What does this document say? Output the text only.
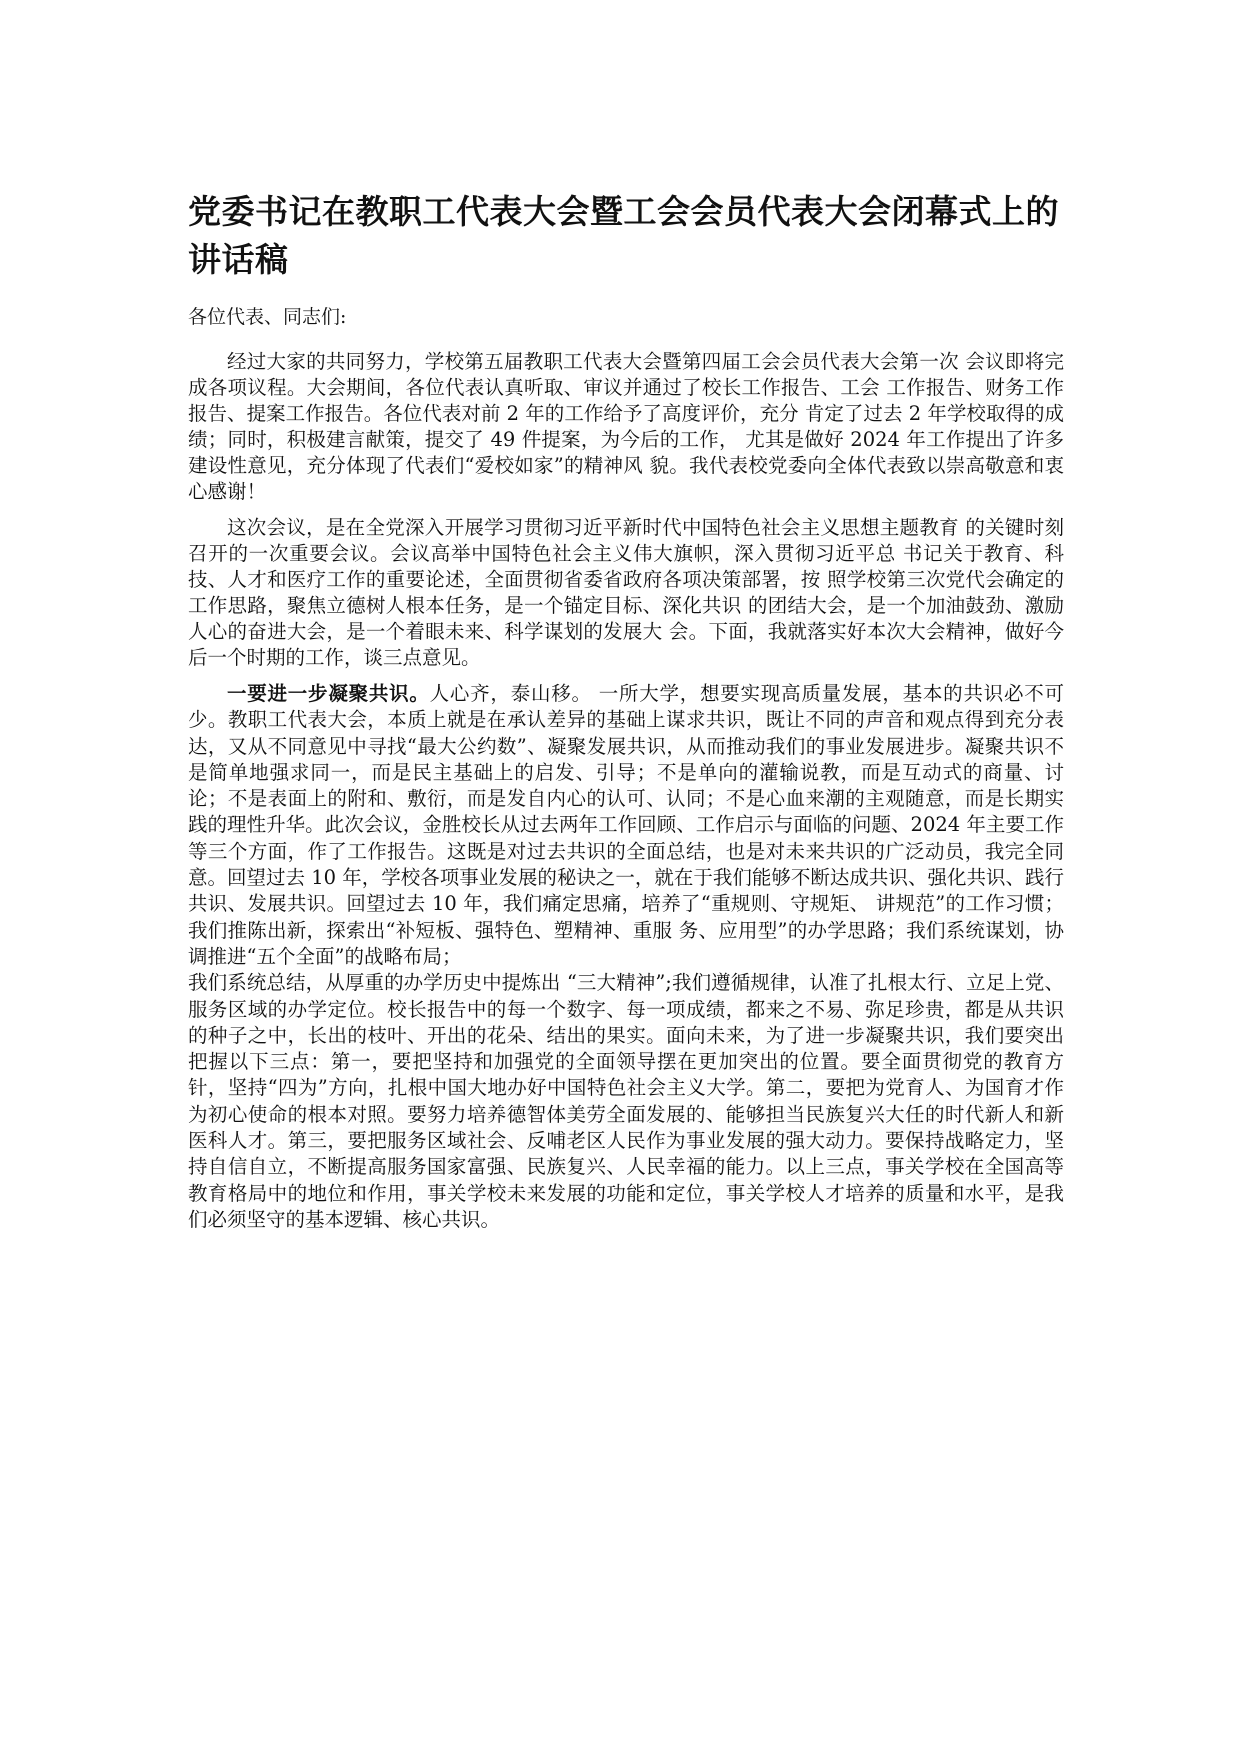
党委书记在教职工代表大会暨工会会员代表大会闭幕式上的讲话稿

各位代表、同志们:

经过大家的共同努力，学校第五届教职工代表大会暨第四届工会会员代表大会第一次 会议即将完成各项议程。大会期间，各位代表认真听取、审议并通过了校长工作报告、工会 工作报告、财务工作报告、提案工作报告。各位代表对前 2 年的工作给予了高度评价，充分 肯定了过去 2 年学校取得的成绩；同时，积极建言献策，提交了 49 件提案，为今后的工作， 尤其是做好 2024 年工作提出了许多建设性意见，充分体现了代表们“爱校如家”的精神风 貌。我代表校党委向全体代表致以崇高敬意和衷心感谢！

这次会议，是在全党深入开展学习贯彻习近平新时代中国特色社会主义思想主题教育 的关键时刻召开的一次重要会议。会议高举中国特色社会主义伟大旗帜，深入贯彻习近平总 书记关于教育、科技、人才和医疗工作的重要论述，全面贯彻省委省政府各项决策部署，按 照学校第三次党代会确定的工作思路，聚焦立德树人根本任务，是一个锚定目标、深化共识 的团结大会，是一个加油鼓劲、激励人心的奋进大会，是一个着眼未来、科学谋划的发展大 会。下面，我就落实好本次大会精神，做好今后一个时期的工作，谈三点意见。

一要进一步凝聚共识。人心齐，泰山移。 一所大学，想要实现高质量发展，基本的共识必不可少。教职工代表大会，本质上就是在承认差异的基础上谋求共识，既让不同的声音和观点得到充分表达，又从不同意见中寻找“最大公约数”、凝聚发展共识，从而推动我们的事业发展进步。凝聚共识不是简单地强求同一，而是民主基础上的启发、引导；不是单向的灌输说教，而是互动式的商量、讨论；不是表面上的附和、敷衍，而是发自内心的认可、认同；不是心血来潮的主观随意，而是长期实践的理性升华。此次会议，金胜校长从过去两年工作回顾、工作启示与面临的问题、2024 年主要工作等三个方面，作了工作报告。这既是对过去共识的全面总结，也是对未来共识的广泛动员，我完全同意。回望过去 10 年，学校各项事业发展的秘诀之一，就在于我们能够不断达成共识、强化共识、践行共识、发展共识。回望过去 10 年，我们痛定思痛，培养了“重规则、守规矩、 讲规范”的工作习惯；我们推陈出新，探索出“补短板、强特色、塑精神、重服 务、应用型”的办学思路；我们系统谋划，协调推进“五个全面”的战略布局；

我们系统总结，从厚重的办学历史中提炼出 “三大精神”;我们遵循规律，认准了扎根太行、立足上党、服务区域的办学定位。校长报告中的每一个数字、每一项成绩，都来之不易、弥足珍贵，都是从共识的种子之中，长出的枝叶、开出的花朵、结出的果实。面向未来，为了进一步凝聚共识，我们要突出把握以下三点：第一，要把坚持和加强党的全面领导摆在更加突出的位置。要全面贯彻党的教育方针，坚持“四为”方向，扎根中国大地办好中国特色社会主义大学。第二，要把为党育人、为国育才作为初心使命的根本对照。要努力培养德智体美劳全面发展的、能够担当民族复兴大任的时代新人和新医科人才。第三，要把服务区域社会、反哺老区人民作为事业发展的强大动力。要保持战略定力，坚持自信自立，不断提高服务国家富强、民族复兴、人民幸福的能力。以上三点，事关学校在全国高等教育格局中的地位和作用，事关学校未来发展的功能和定位，事关学校人才培养的质量和水平，是我们必须坚守的基本逻辑、核心共识。
